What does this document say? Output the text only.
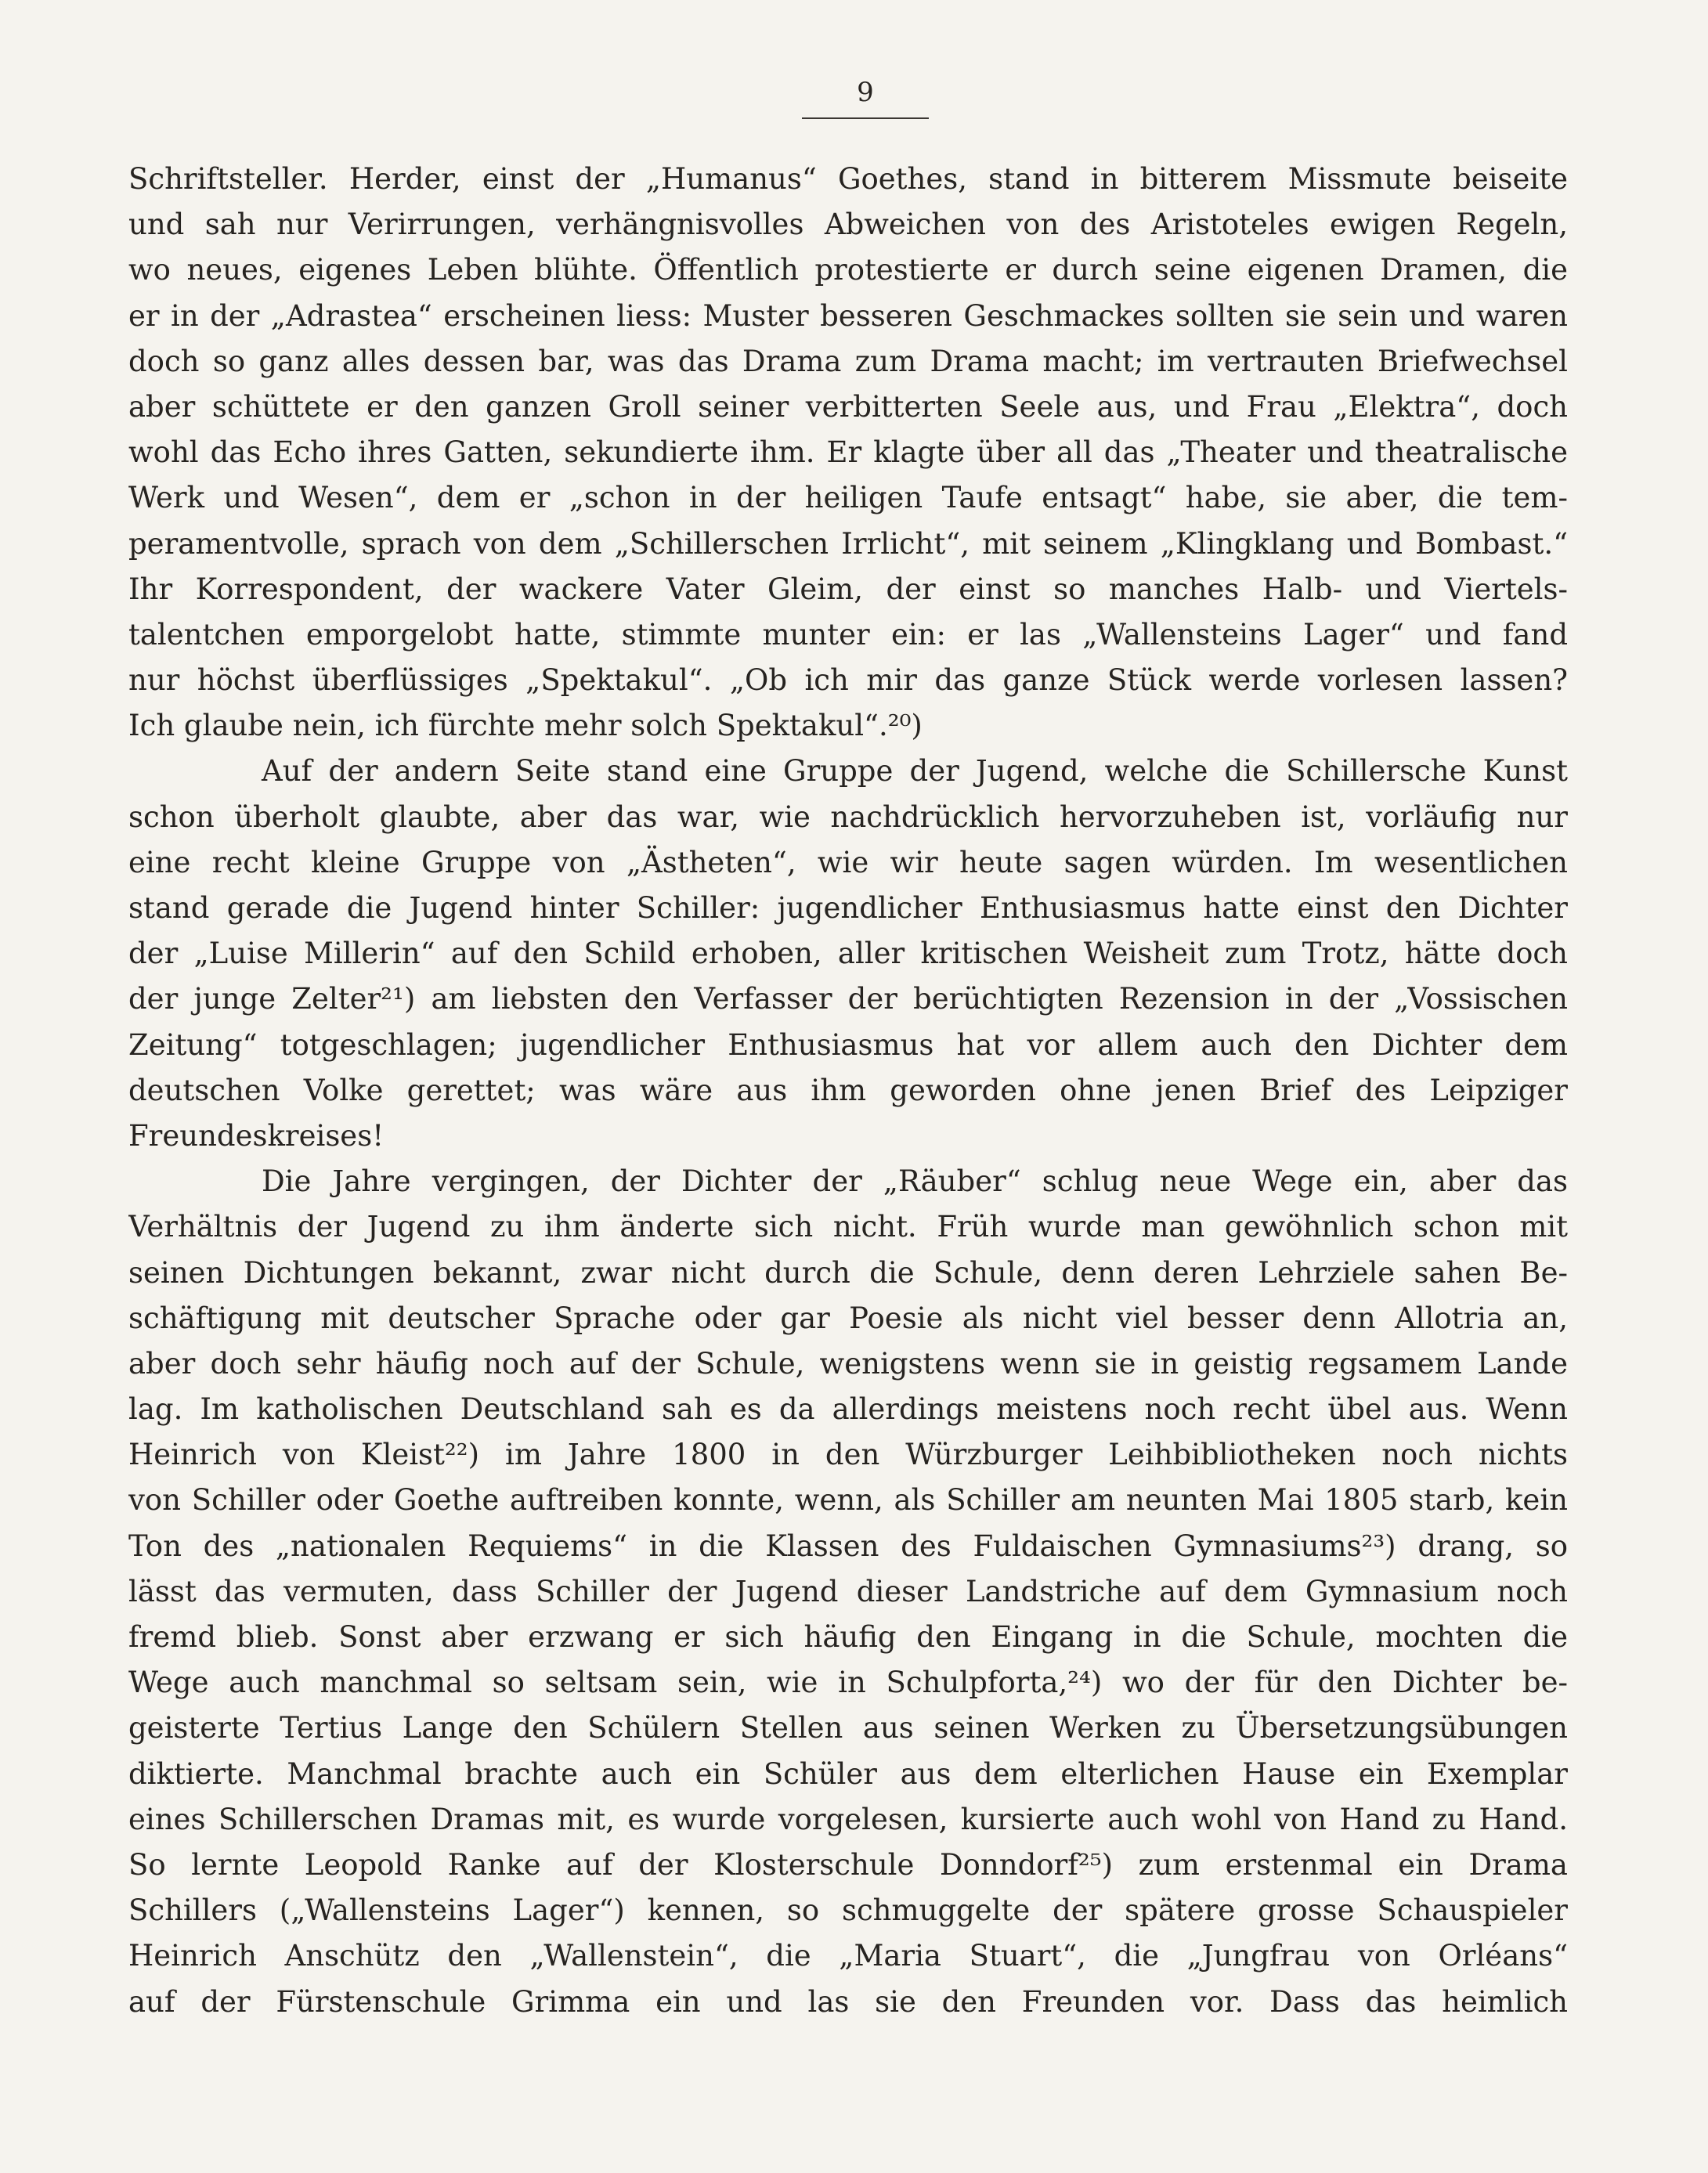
9
Schriftsteller. Herder, einst der „Humanus“ Goethes, stand in bitterem Missmute beiseite
und sah nur Verirrungen, verhängnisvolles Abweichen von des Aristoteles ewigen Regeln,
wo neues, eigenes Leben blühte. Öffentlich protestierte er durch seine eigenen Dramen, die
er in der „Adrastea“ erscheinen liess: Muster besseren Geschmackes sollten sie sein und waren
doch so ganz alles dessen bar, was das Drama zum Drama macht; im vertrauten Briefwechsel
aber schüttete er den ganzen Groll seiner verbitterten Seele aus, und Frau „Elektra“, doch
wohl das Echo ihres Gatten, sekundierte ihm. Er klagte über all das „Theater und theatralische
Werk und Wesen“, dem er „schon in der heiligen Taufe entsagt“ habe, sie aber, die tem-
peramentvolle, sprach von dem „Schillerschen Irrlicht“, mit seinem „Klingklang und Bombast.“
Ihr Korrespondent, der wackere Vater Gleim, der einst so manches Halb- und Viertels-
talentchen emporgelobt hatte, stimmte munter ein: er las „Wallensteins Lager“ und fand
nur höchst überflüssiges „Spektakul“. „Ob ich mir das ganze Stück werde vorlesen lassen?
Ich glaube nein, ich fürchte mehr solch Spektakul“.²⁰)
Auf der andern Seite stand eine Gruppe der Jugend, welche die Schillersche Kunst
schon überholt glaubte, aber das war, wie nachdrücklich hervorzuheben ist, vorläufig nur
eine recht kleine Gruppe von „Ästheten“, wie wir heute sagen würden. Im wesentlichen
stand gerade die Jugend hinter Schiller: jugendlicher Enthusiasmus hatte einst den Dichter
der „Luise Millerin“ auf den Schild erhoben, aller kritischen Weisheit zum Trotz, hätte doch
der junge Zelter²¹) am liebsten den Verfasser der berüchtigten Rezension in der „Vossischen
Zeitung“ totgeschlagen; jugendlicher Enthusiasmus hat vor allem auch den Dichter dem
deutschen Volke gerettet; was wäre aus ihm geworden ohne jenen Brief des Leipziger
Freundeskreises!
Die Jahre vergingen, der Dichter der „Räuber“ schlug neue Wege ein, aber das
Verhältnis der Jugend zu ihm änderte sich nicht. Früh wurde man gewöhnlich schon mit
seinen Dichtungen bekannt, zwar nicht durch die Schule, denn deren Lehrziele sahen Be-
schäftigung mit deutscher Sprache oder gar Poesie als nicht viel besser denn Allotria an,
aber doch sehr häufig noch auf der Schule, wenigstens wenn sie in geistig regsamem Lande
lag. Im katholischen Deutschland sah es da allerdings meistens noch recht übel aus. Wenn
Heinrich von Kleist²²) im Jahre 1800 in den Würzburger Leihbibliotheken noch nichts
von Schiller oder Goethe auftreiben konnte, wenn, als Schiller am neunten Mai 1805 starb, kein
Ton des „nationalen Requiems“ in die Klassen des Fuldaischen Gymnasiums²³) drang, so
lässt das vermuten, dass Schiller der Jugend dieser Landstriche auf dem Gymnasium noch
fremd blieb. Sonst aber erzwang er sich häufig den Eingang in die Schule, mochten die
Wege auch manchmal so seltsam sein, wie in Schulpforta,²⁴) wo der für den Dichter be-
geisterte Tertius Lange den Schülern Stellen aus seinen Werken zu Übersetzungsübungen
diktierte. Manchmal brachte auch ein Schüler aus dem elterlichen Hause ein Exemplar
eines Schillerschen Dramas mit, es wurde vorgelesen, kursierte auch wohl von Hand zu Hand.
So lernte Leopold Ranke auf der Klosterschule Donndorf²⁵) zum erstenmal ein Drama
Schillers („Wallensteins Lager“) kennen, so schmuggelte der spätere grosse Schauspieler
Heinrich Anschütz den „Wallenstein“, die „Maria Stuart“, die „Jungfrau von Orléans“
auf der Fürstenschule Grimma ein und las sie den Freunden vor. Dass das heimlich
